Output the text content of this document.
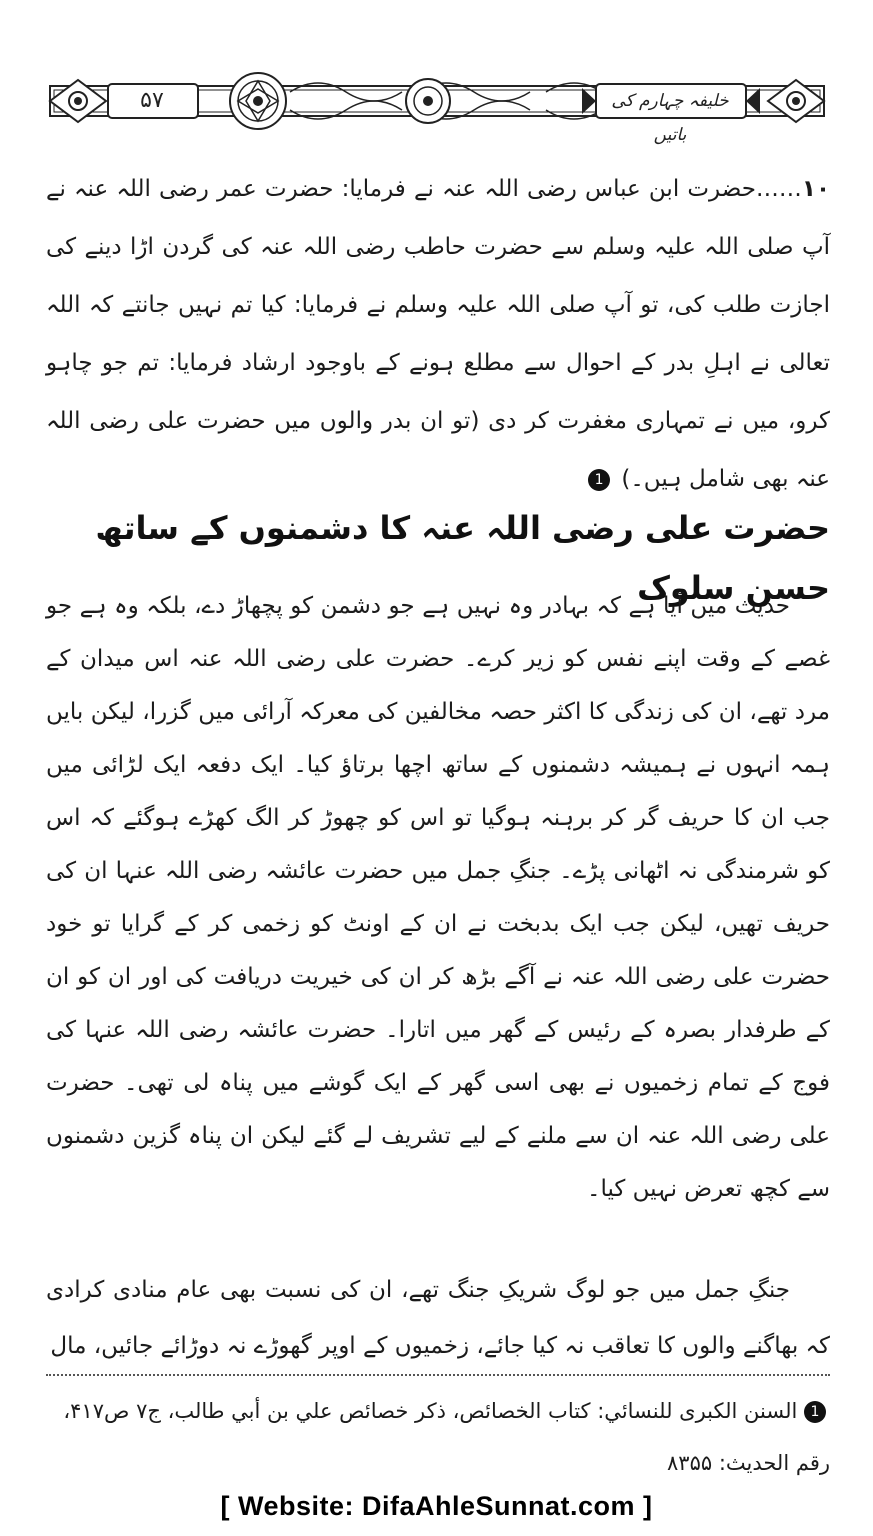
۵۷	خلیفہ چہارم کی باتیں
۱۰……حضرت ابن عباس رضی اللہ عنہ نے فرمایا: حضرت عمر رضی اللہ عنہ نے آپ صلی اللہ علیہ وسلم سے حضرت حاطب رضی اللہ عنہ کی گردن اڑا دینے کی اجازت طلب کی، تو آپ صلی اللہ علیہ وسلم نے فرمایا: کیا تم نہیں جانتے کہ اللہ تعالی نے اہلِ بدر کے احوال سے مطلع ہونے کے باوجود ارشاد فرمایا: تم جو چاہو کرو، میں نے تمہاری مغفرت کر دی (تو ان بدر والوں میں حضرت علی رضی اللہ عنہ بھی شامل ہیں۔) 1
حضرت علی رضی اللہ عنہ کا دشمنوں کے ساتھ حسن سلوک
حدیث میں آیا ہے کہ بہادر وہ نہیں ہے جو دشمن کو پچھاڑ دے، بلکہ وہ ہے جو غصے کے وقت اپنے نفس کو زیر کرے۔ حضرت علی رضی اللہ عنہ اس میدان کے مرد تھے، ان کی زندگی کا اکثر حصہ مخالفین کی معرکہ آرائی میں گزرا، لیکن بایں ہمہ انہوں نے ہمیشہ دشمنوں کے ساتھ اچھا برتاؤ کیا۔ ایک دفعہ ایک لڑائی میں جب ان کا حریف گر کر برہنہ ہوگیا تو اس کو چھوڑ کر الگ کھڑے ہوگئے کہ اس کو شرمندگی نہ اٹھانی پڑے۔ جنگِ جمل میں حضرت عائشہ رضی اللہ عنہا ان کی حریف تھیں، لیکن جب ایک بدبخت نے ان کے اونٹ کو زخمی کر کے گرایا تو خود حضرت علی رضی اللہ عنہ نے آگے بڑھ کر ان کی خیریت دریافت کی اور ان کو ان کے طرفدار بصرہ کے رئیس کے گھر میں اتارا۔ حضرت عائشہ رضی اللہ عنہا کی فوج کے تمام زخمیوں نے بھی اسی گھر کے ایک گوشے میں پناہ لی تھی۔ حضرت علی رضی اللہ عنہ ان سے ملنے کے لیے تشریف لے گئے لیکن ان پناہ گزین دشمنوں سے کچھ تعرض نہیں کیا۔
جنگِ جمل میں جو لوگ شریکِ جنگ تھے، ان کی نسبت بھی عام منادی کرادی کہ بھاگنے والوں کا تعاقب نہ کیا جائے، زخمیوں کے اوپر گھوڑے نہ دوڑائے جائیں، مال
1 السنن الكبرى للنسائي: كتاب الخصائص، ذكر خصائص علي بن أبي طالب، ج۷ ص۴۱۷، رقم الحديث: ۸۳۵۵
[ Website: DifaAhleSunnat.com ]
